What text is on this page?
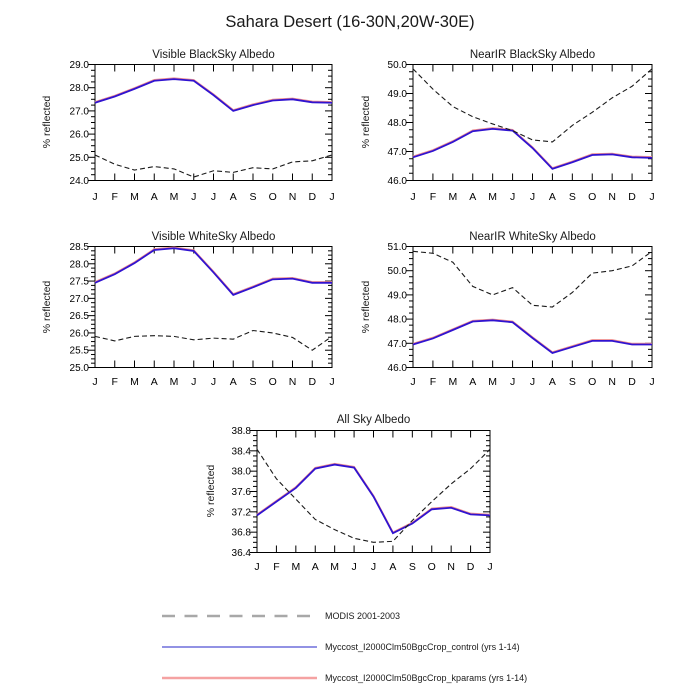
24.0
25.0
26.0
27.0
28.0
29.0
J F M A M J J A S O N D J
46.0
47.0
48.0
49.0
50.0
J F M A M J J A S O N D J
25.0
25.5
26.0
26.5
27.0
27.5
28.0
28.5
J F M A M J J A S O N D J
46.0
47.0
48.0
49.0
50.0
51.0
J F M A M J J A S O N D J
36.4
36.8
37.2
37.6
38.0
38.4
38.8
J F M A M J J A S O N D J
Sahara Desert (16-30N,20W-30E)
Visible BlackSky Albedo	NearIR BlackSky Albedo
Visible WhiteSky Albedo	NearIR WhiteSky Albedo
All Sky Albedo
% reflected	% reflected
% reflected	% reflected
% reflected
MODIS 2001-2003
Myccost_I2000Clm50BgcCrop_control (yrs 1-14)
Myccost_I2000Clm50BgcCrop_kparams (yrs 1-14)
